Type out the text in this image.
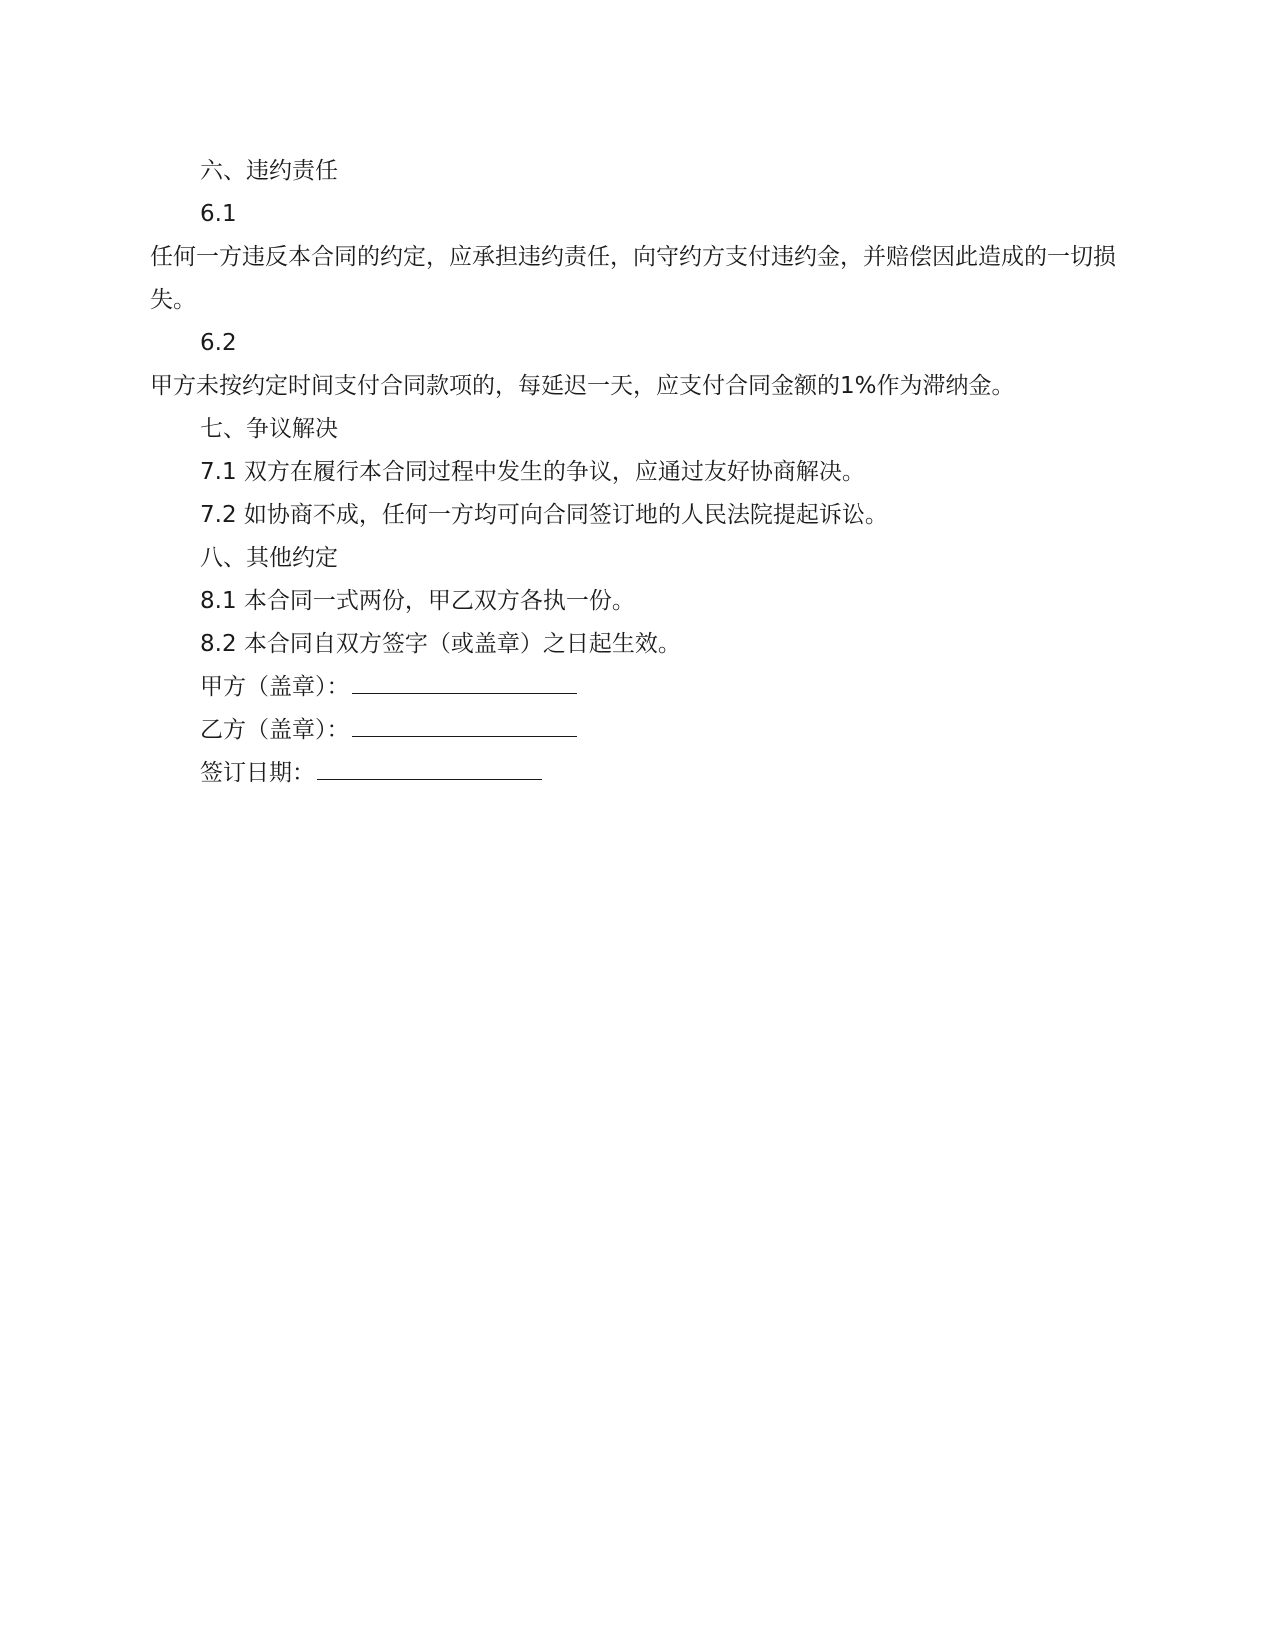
六、违约责任
6.1
任何一方违反本合同的约定，应承担违约责任，向守约方支付违约金，并赔偿因此造成的一切损失。
6.2
甲方未按约定时间支付合同款项的，每延迟一天，应支付合同金额的1%作为滞纳金。
七、争议解决
7.1 双方在履行本合同过程中发生的争议，应通过友好协商解决。
7.2 如协商不成，任何一方均可向合同签订地的人民法院提起诉讼。
八、其他约定
8.1 本合同一式两份，甲乙双方各执一份。
8.2 本合同自双方签字（或盖章）之日起生效。
甲方（盖章）：
乙方（盖章）：
签订日期：
